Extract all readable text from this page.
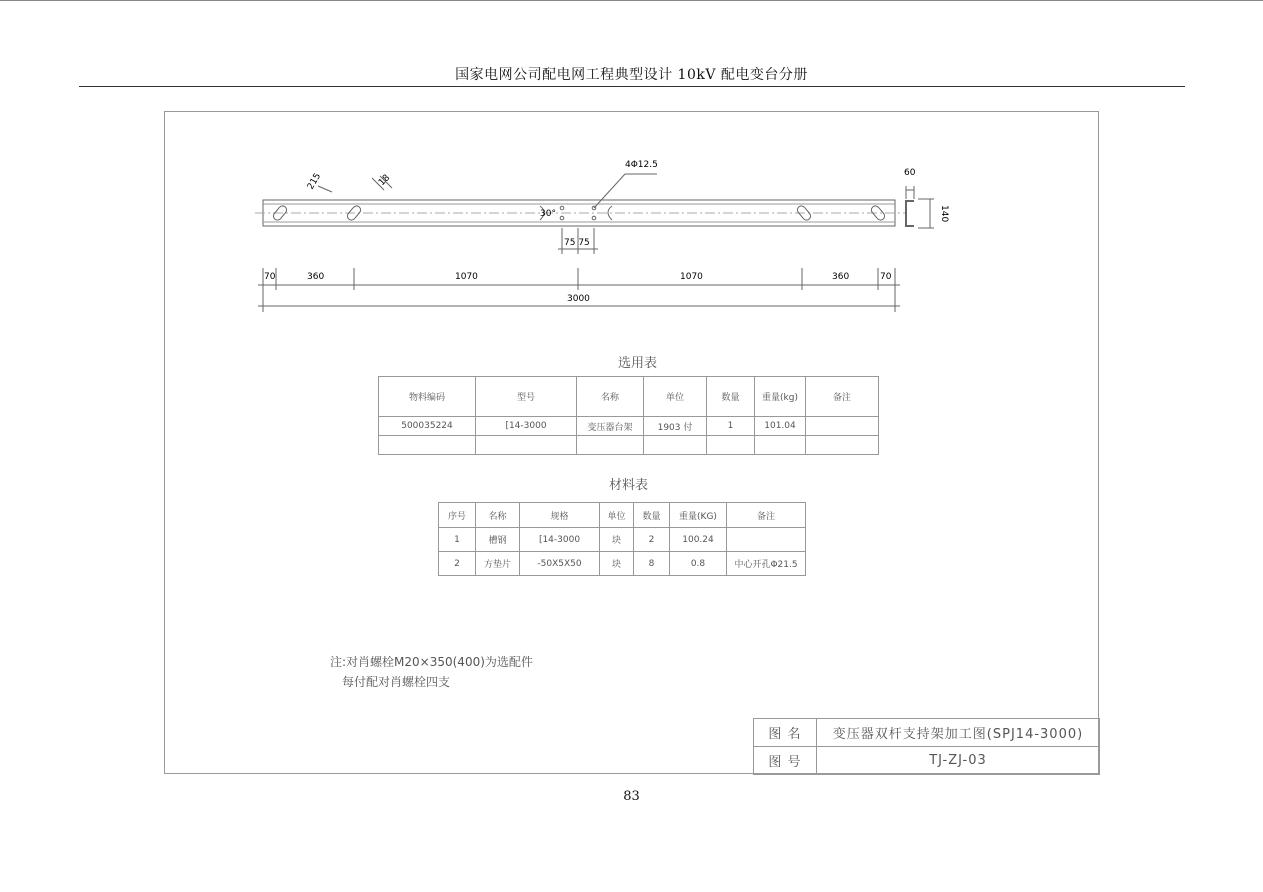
国家电网公司配电网工程典型设计 10kV 配电变台分册
4Φ12.5
215	18
30°
60
140
75 75
70	360	1070	1070	360	70
3000
选用表
物料编码	型号	名称	单位	数量	重量(kg)	备注
500035224	[14-3000	变压器台架	1903 付	1	101.04	

材料表
序号	名称	规格	单位	数量	重量(KG)	备注
1	槽钢	[14-3000	块	2	100.24	
2	方垫片	-50X5X50	块	8	0.8	中心开孔Φ21.5
注:对肖螺栓M20×350(400)为选配件
每付配对肖螺栓四支
图 名	变压器双杆支持架加工图(SPJ14-3000)
图 号	TJ-ZJ-03
83
